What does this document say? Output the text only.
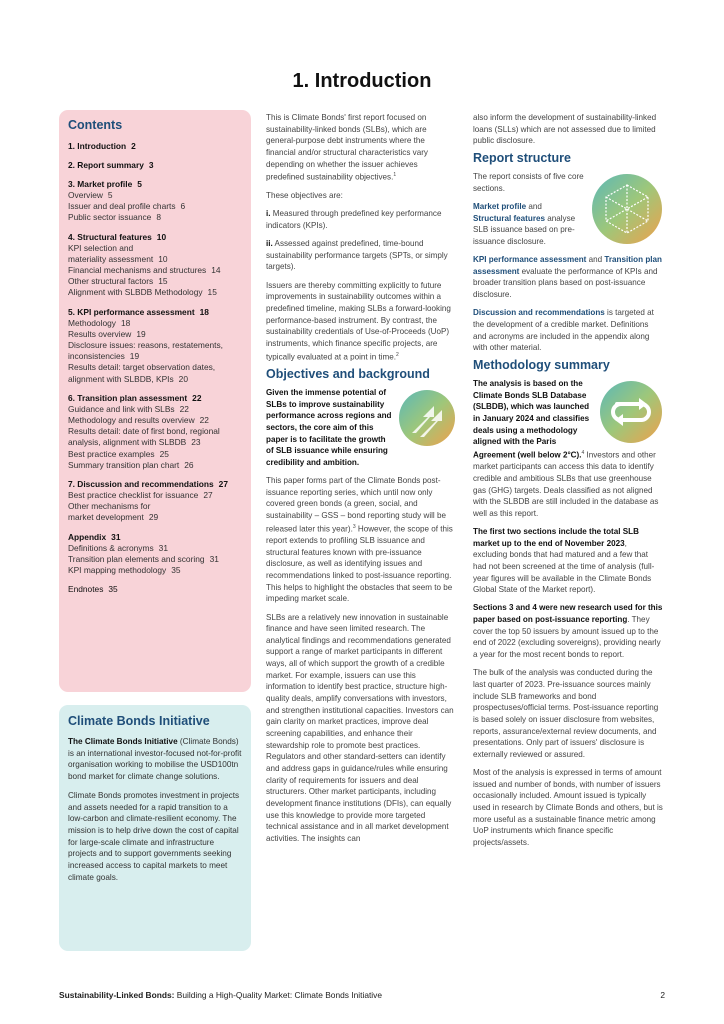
1. Introduction
Contents
1. Introduction 2
2. Report summary 3
3. Market profile 5
Overview 5
Issuer and deal profile charts 6
Public sector issuance 8
4. Structural features 10
KPI selection and
materiality assessment 10
Financial mechanisms and structures 14
Other structural factors 15
Alignment with SLBDB Methodology 15
5. KPI performance assessment 18
Methodology 18
Results overview 19
Disclosure issues: reasons, restatements,
inconsistencies 19
Results detail: target observation dates,
alignment with SLBDB, KPIs 20
6. Transition plan assessment 22
Guidance and link with SLBs 22
Methodology and results overview 22
Results detail: date of first bond, regional
analysis, alignment with SLBDB 23
Best practice examples 25
Summary transition plan chart 26
7. Discussion and recommendations 27
Best practice checklist for issuance 27
Other mechanisms for
market development 29
Appendix 31
Definitions & acronyms 31
Transition plan elements and scoring 31
KPI mapping methodology 35
Endnotes 35
Climate Bonds Initiative

The Climate Bonds Initiative (Climate Bonds) is an international investor-focused not-for-profit organisation working to mobilise the USD100tn bond market for climate change solutions.

Climate Bonds promotes investment in projects and assets needed for a rapid transition to a low-carbon and climate-resilient economy. The mission is to help drive down the cost of capital for large-scale climate and infrastructure projects and to support governments seeking increased access to capital markets to meet climate goals.

This is Climate Bonds' first report focused on sustainability-linked bonds (SLBs), which are general-purpose debt instruments where the financial and/or structural characteristics vary depending on whether the issuer achieves predefined sustainability objectives.$^1$

These objectives are:

i. Measured through predefined key performance indicators (KPIs).

ii. Assessed against predefined, time-bound sustainability performance targets (SPTs, or simply targets).

Issuers are thereby committing explicitly to future improvements in sustainability outcomes within a predefined timeline, making SLBs a forward-looking performance-based instrument. By contrast, the sustainability credentials of Use-of-Proceeds (UoP) instruments, which finance specific projects, are typically evaluated at a point in time.$^2$

Objectives and background

Given the immense potential of SLBs to improve sustainability performance across regions and sectors, the core aim of this paper is to facilitate the growth of SLB issuance while ensuring credibility and ambition.

This paper forms part of the Climate Bonds post-issuance reporting series, which until now only covered green bonds (a green, social, and sustainability – GSS – bond reporting study will be released later this year).$^3$ However, the scope of this report extends to profiling SLB issuance and structural features known with pre-issuance disclosure, as well as identifying issues and recommendations linked to post-issuance reporting. This helps to highlight the obstacles that seem to be impeding market scale.

SLBs are a relatively new innovation in sustainable finance and have seen limited research. The analytical findings and recommendations generated support a range of market participants in different ways, all of which support the growth of a credible market. For example, issuers can use this information to identify best practice, structure high-quality deals, amplify conversations with investors, and strengthen institutional capacities. Investors can gain clarity on market practices, improve deal screening capabilities, and enhance their stewardship role to promote best practices. Regulators and other standard-setters can identify and address gaps in guidance/rules while ensuring clarity of requirements for issuers and deal structurers. Other market participants, including development finance institutions (DFIs), can equally use this knowledge to provide more targeted technical assistance and in all market development activities. The insights can

also inform the development of sustainability-linked loans (SLLs) which are not assessed due to limited public disclosure.

Report structure

The report consists of five core sections.

Market profile and
Structural features analyse SLB issuance based on pre-issuance disclosure.

KPI performance assessment and Transition plan assessment evaluate the performance of KPIs and broader transition plans based on post-issuance disclosure.

Discussion and recommendations is targeted at the development of a credible market. Definitions and acronyms are included in the appendix along with other material.

Methodology summary

The analysis is based on the Climate Bonds SLB Database (SLBDB), which was launched in January 2024 and classifies deals using a methodology aligned with the Paris Agreement (well below 2°C).$^4$ Investors and other market participants can access this data to identify credible and ambitious SLBs that use greenhouse gas (GHG) targets. Deals classified as not aligned with the SLBDB are still included in the database as well as this report.

The first two sections include the total SLB market up to the end of November 2023, excluding bonds that had matured and a few that had not been screened at the time of analysis (full-year figures will be available in the Climate Bonds Global State of the Market report).

Sections 3 and 4 were new research used for this paper based on post-issuance reporting. They cover the top 50 issuers by amount issued up to the end of 2022 (excluding sovereigns), providing nearly a year for the most recent bonds to report.

The bulk of the analysis was conducted during the last quarter of 2023. Pre-issuance sources mainly include SLB frameworks and bond prospectuses/official terms. Post-issuance reporting is based solely on issuer disclosure from websites, reports, assurance/external review documents, and presentations. Only part of issuers' disclosure is externally reviewed or assured.

Most of the analysis is expressed in terms of amount issued and number of bonds, with number of issuers occasionally included. Amount issued is typically used in research by Climate Bonds and others, but is more useful as a sustainable finance metric among UoP instruments which finance specific projects/assets.

Sustainability-Linked Bonds: Building a High-Quality Market: Climate Bonds Initiative	2
